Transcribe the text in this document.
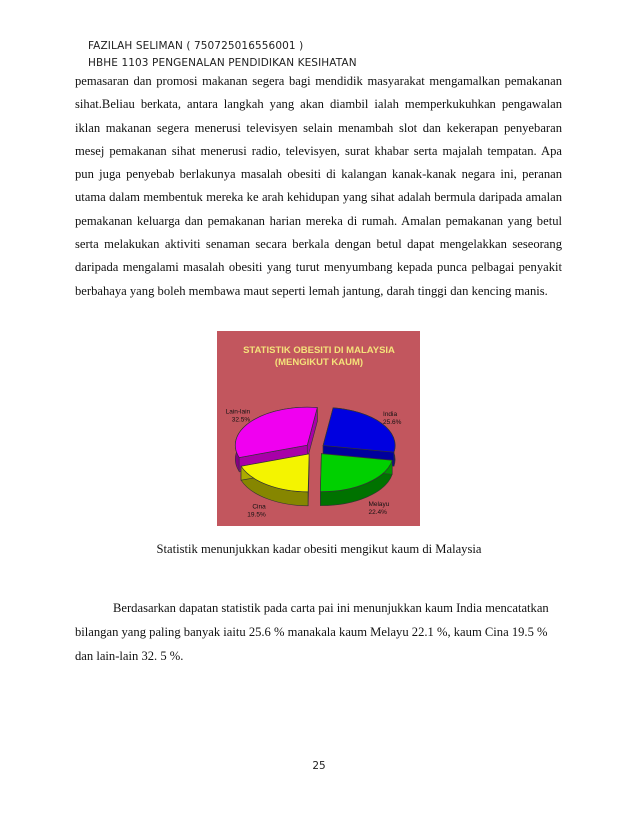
FAZILAH SELIMAN ( 750725016556001 )
HBHE 1103 PENGENALAN PENDIDIKAN KESIHATAN
pemasaran dan promosi makanan segera bagi mendidik masyarakat mengamalkan pemakanan sihat.Beliau berkata, antara langkah yang akan diambil ialah memperkukuhkan pengawalan iklan makanan segera menerusi televisyen selain menambah slot dan kekerapan penyebaran mesej pemakanan sihat menerusi radio, televisyen, surat khabar serta majalah tempatan. Apa pun juga penyebab berlakunya masalah obesiti di kalangan kanak-kanak negara ini, peranan utama dalam membentuk mereka ke arah kehidupan yang sihat adalah bermula daripada amalan pemakanan keluarga dan pemakanan harian mereka di rumah. Amalan pemakanan yang betul serta melakukan aktiviti senaman secara berkala dengan betul dapat mengelakkan seseorang daripada mengalami masalah obesiti yang turut menyumbang kepada punca pelbagai penyakit berbahaya yang boleh membawa maut seperti lemah jantung, darah tinggi dan kencing manis.
STATISTIK OBESITI DI MALAYSIA
(MENGIKUT KAUM)
India
25.6%
Melayu
22.4%
Cina
19.5%
Lain-lain
32.5%
Statistik menunjukkan kadar obesiti mengikut kaum di Malaysia
Berdasarkan dapatan statistik pada carta pai ini menunjukkan kaum India mencatatkan bilangan yang paling banyak iaitu 25.6 % manakala kaum Melayu 22.1 %, kaum Cina 19.5 % dan lain-lain 32. 5 %.
25
